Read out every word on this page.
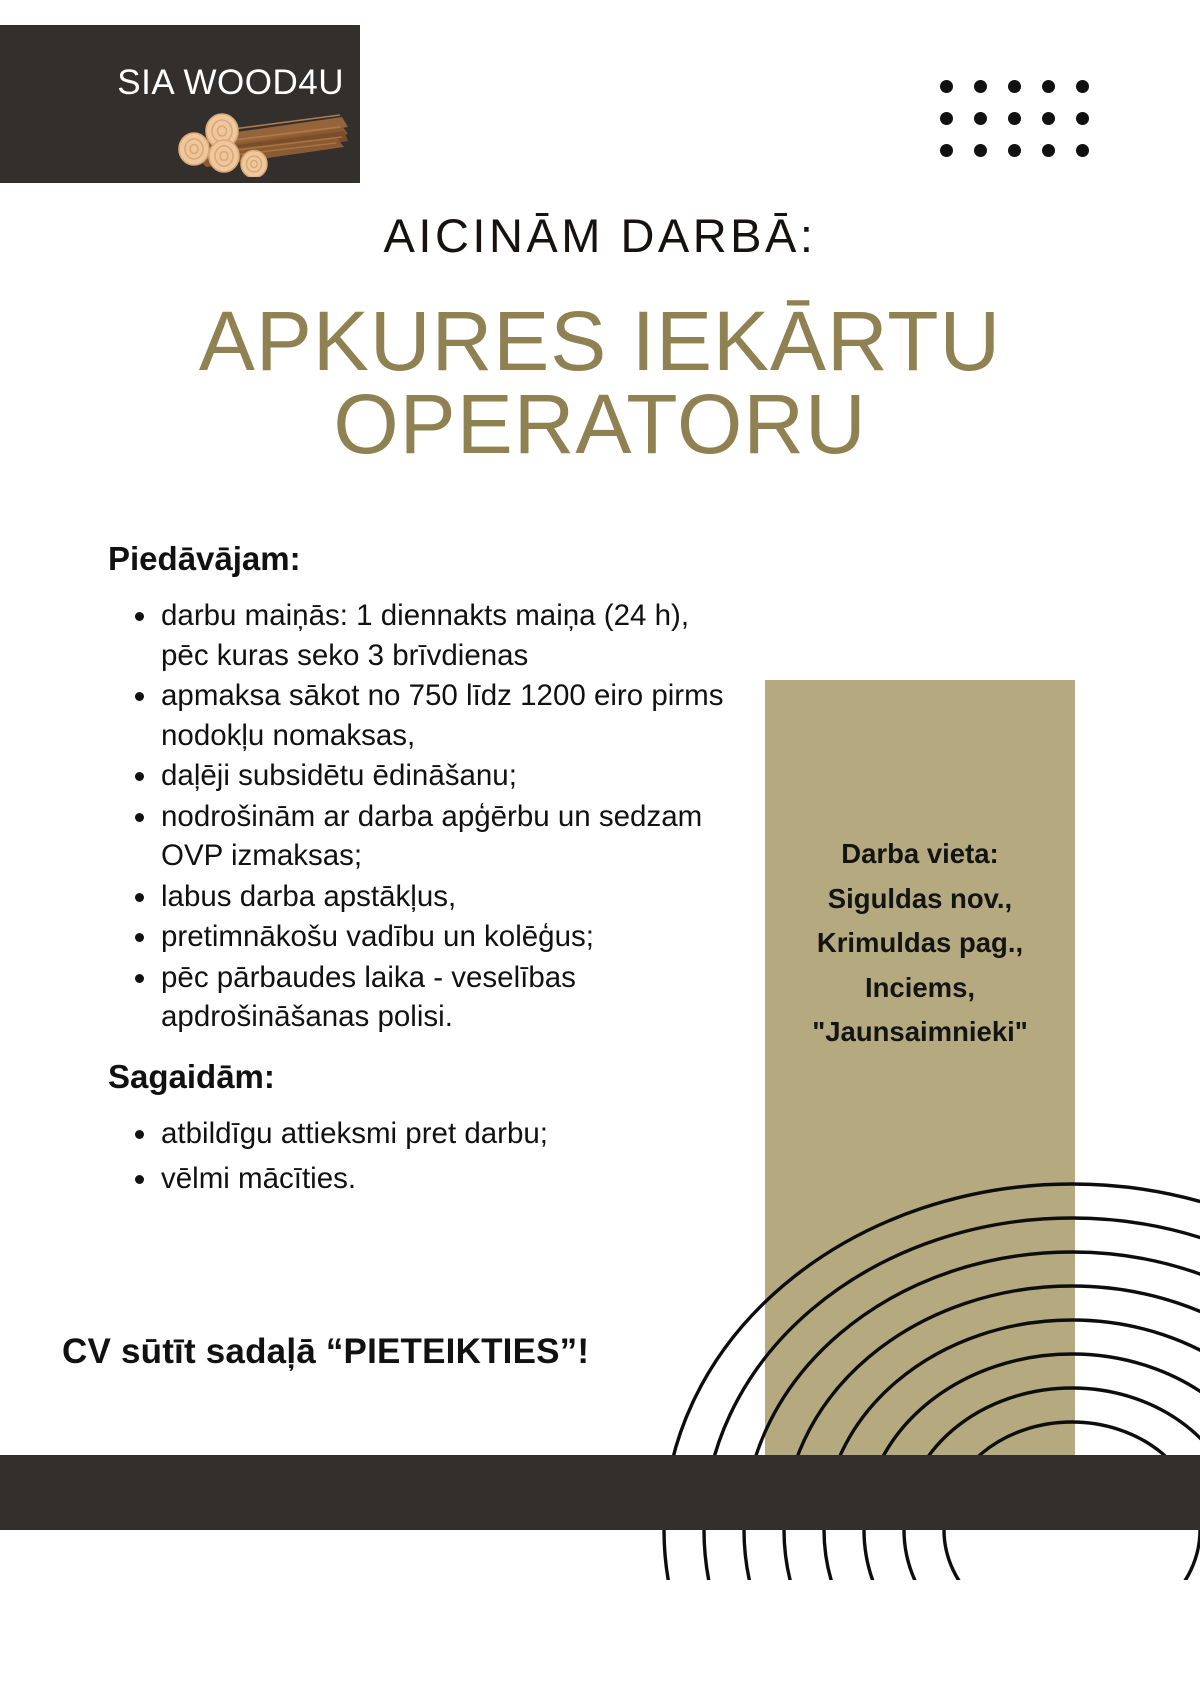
SIA WOOD4U
AICINĀM DARBĀ:
APKURES IEKĀRTU
OPERATORU
Darba vieta:
Siguldas nov.,
Krimuldas pag.,
Inciems,
"Jaunsaimnieki"
Piedāvājam:
darbu maiņās: 1 diennakts maiņa (24 h), pēc kuras seko 3 brīvdienas
apmaksa sākot no 750 līdz 1200 eiro pirms nodokļu nomaksas,
daļēji subsidētu ēdināšanu;
nodrošinām ar darba apģērbu un sedzam OVP izmaksas;
labus darba apstākļus,
pretimnākošu vadību un kolēģus;
pēc pārbaudes laika - veselības apdrošināšanas polisi.
Sagaidām:
atbildīgu attieksmi pret darbu;
vēlmi mācīties.
CV sūtīt sadaļā “PIETEIKTIES”!
